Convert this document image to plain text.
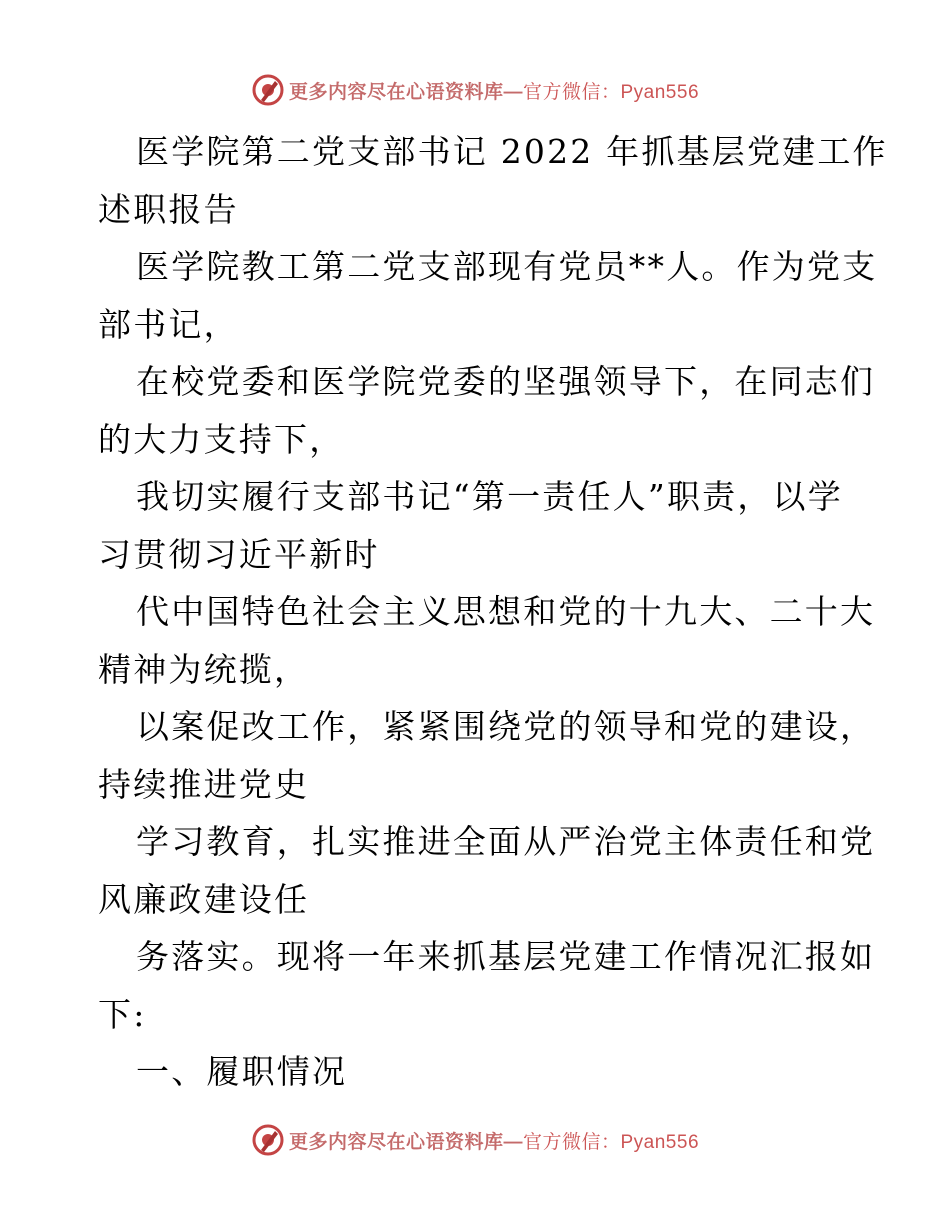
更多内容尽在心语资料库—官方微信：Pyan556
医学院第二党支部书记 2022 年抓基层党建工作
述职报告
医学院教工第二党支部现有党员**人。作为党支
部书记，
在校党委和医学院党委的坚强领导下，在同志们
的大力支持下，
我切实履行支部书记“第一责任人”职责，以学
习贯彻习近平新时
代中国特色社会主义思想和党的十九大、二十大
精神为统揽，
以案促改工作，紧紧围绕党的领导和党的建设，
持续推进党史
学习教育，扎实推进全面从严治党主体责任和党
风廉政建设任
务落实。现将一年来抓基层党建工作情况汇报如
下:
一、履职情况
更多内容尽在心语资料库—官方微信：Pyan556
